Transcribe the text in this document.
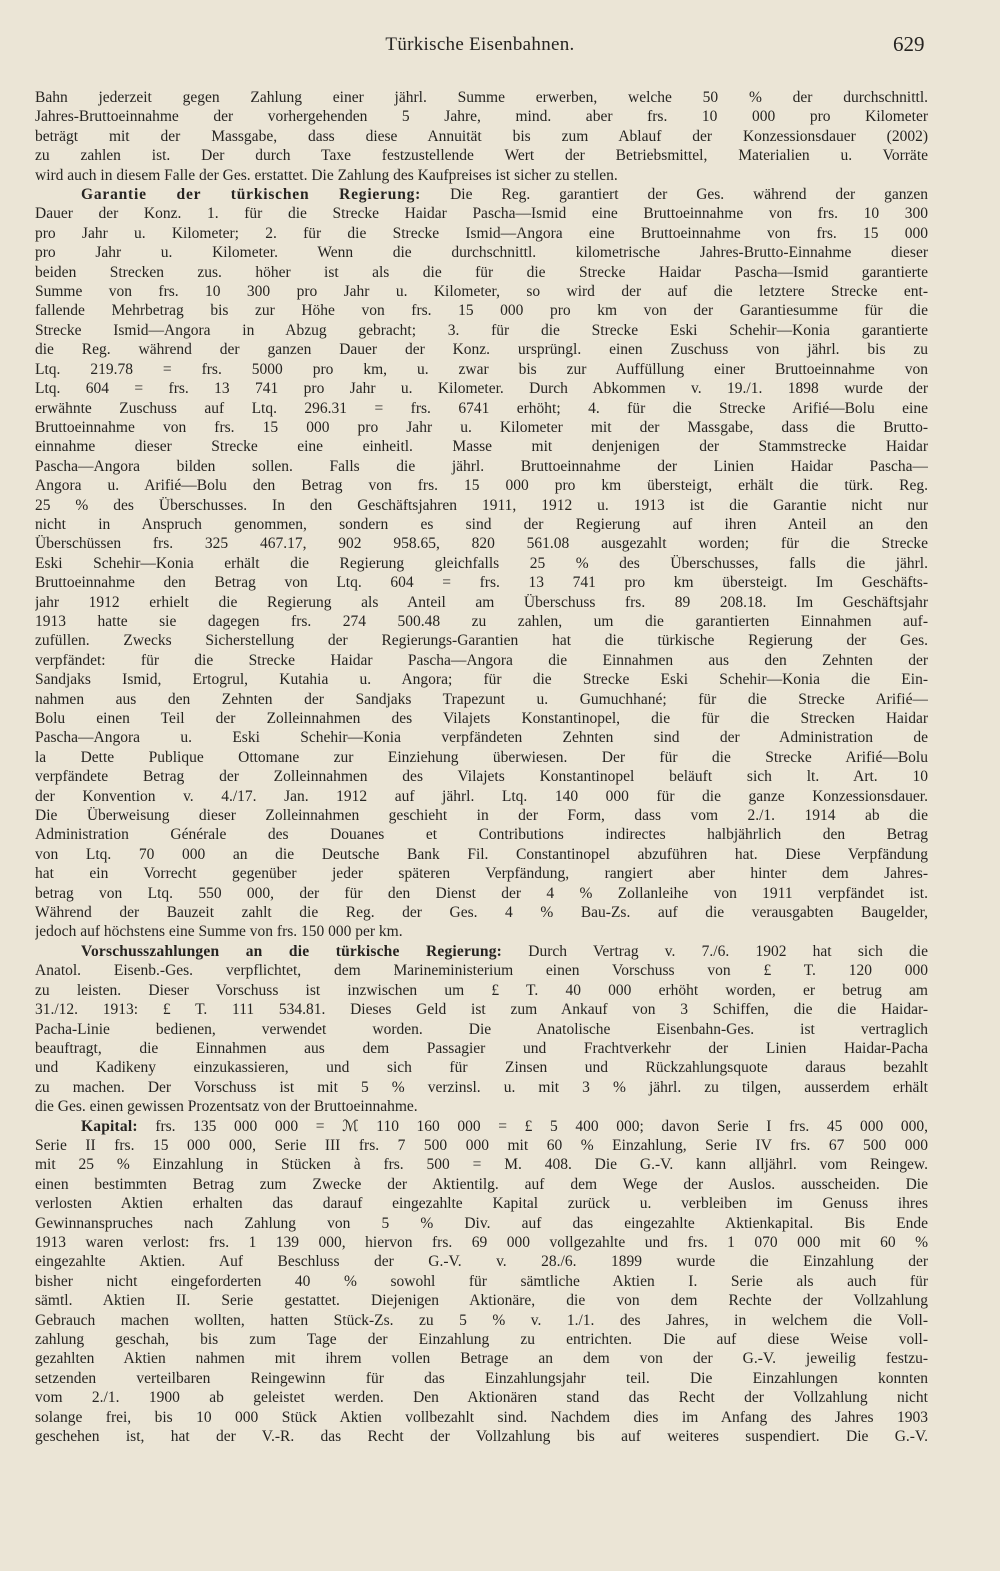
Türkische Eisenbahnen.	629

Bahn jederzeit gegen Zahlung einer jährl. Summe erwerben, welche 50 % der durchschnittl.
Jahres-Bruttoeinnahme der vorhergehenden 5 Jahre, mind. aber frs. 10 000 pro Kilometer
beträgt mit der Massgabe, dass diese Annuität bis zum Ablauf der Konzessionsdauer (2002)
zu zahlen ist. Der durch Taxe festzustellende Wert der Betriebsmittel, Materialien u. Vorräte
wird auch in diesem Falle der Ges. erstattet. Die Zahlung des Kaufpreises ist sicher zu stellen.

Garantie der türkischen Regierung: Die Reg. garantiert der Ges. während der ganzen
Dauer der Konz. 1. für die Strecke Haidar Pascha—Ismid eine Bruttoeinnahme von frs. 10 300
pro Jahr u. Kilometer; 2. für die Strecke Ismid—Angora eine Bruttoeinnahme von frs. 15 000
pro Jahr u. Kilometer. Wenn die durchschnittl. kilometrische Jahres-Brutto-Einnahme dieser
beiden Strecken zus. höher ist als die für die Strecke Haidar Pascha—Ismid garantierte
Summe von frs. 10 300 pro Jahr u. Kilometer, so wird der auf die letztere Strecke ent-
fallende Mehrbetrag bis zur Höhe von frs. 15 000 pro km von der Garantiesumme für die
Strecke Ismid—Angora in Abzug gebracht; 3. für die Strecke Eski Schehir—Konia garantierte
die Reg. während der ganzen Dauer der Konz. ursprüngl. einen Zuschuss von jährl. bis zu
Ltq. 219.78 = frs. 5000 pro km, u. zwar bis zur Auffüllung einer Bruttoeinnahme von
Ltq. 604 = frs. 13 741 pro Jahr u. Kilometer. Durch Abkommen v. 19./1. 1898 wurde der
erwähnte Zuschuss auf Ltq. 296.31 = frs. 6741 erhöht; 4. für die Strecke Arifié—Bolu eine
Bruttoeinnahme von frs. 15 000 pro Jahr u. Kilometer mit der Massgabe, dass die Brutto-
einnahme dieser Strecke eine einheitl. Masse mit denjenigen der Stammstrecke Haidar
Pascha—Angora bilden sollen. Falls die jährl. Bruttoeinnahme der Linien Haidar Pascha—
Angora u. Arifié—Bolu den Betrag von frs. 15 000 pro km übersteigt, erhält die türk. Reg.
25 % des Überschusses. In den Geschäftsjahren 1911, 1912 u. 1913 ist die Garantie nicht nur
nicht in Anspruch genommen, sondern es sind der Regierung auf ihren Anteil an den
Überschüssen frs. 325 467.17, 902 958.65, 820 561.08 ausgezahlt worden; für die Strecke
Eski Schehir—Konia erhält die Regierung gleichfalls 25 % des Überschusses, falls die jährl.
Bruttoeinnahme den Betrag von Ltq. 604 = frs. 13 741 pro km übersteigt. Im Geschäfts-
jahr 1912 erhielt die Regierung als Anteil am Überschuss frs. 89 208.18. Im Geschäftsjahr
1913 hatte sie dagegen frs. 274 500.48 zu zahlen, um die garantierten Einnahmen auf-
zufüllen. Zwecks Sicherstellung der Regierungs-Garantien hat die türkische Regierung der Ges.
verpfändet: für die Strecke Haidar Pascha—Angora die Einnahmen aus den Zehnten der
Sandjaks Ismid, Ertogrul, Kutahia u. Angora; für die Strecke Eski Schehir—Konia die Ein-
nahmen aus den Zehnten der Sandjaks Trapezunt u. Gumuchhané; für die Strecke Arifié—
Bolu einen Teil der Zolleinnahmen des Vilajets Konstantinopel, die für die Strecken Haidar
Pascha—Angora u. Eski Schehir—Konia verpfändeten Zehnten sind der Administration de
la Dette Publique Ottomane zur Einziehung überwiesen. Der für die Strecke Arifié—Bolu
verpfändete Betrag der Zolleinnahmen des Vilajets Konstantinopel beläuft sich lt. Art. 10
der Konvention v. 4./17. Jan. 1912 auf jährl. Ltq. 140 000 für die ganze Konzessionsdauer.
Die Überweisung dieser Zolleinnahmen geschieht in der Form, dass vom 2./1. 1914 ab die
Administration Générale des Douanes et Contributions indirectes halbjährlich den Betrag
von Ltq. 70 000 an die Deutsche Bank Fil. Constantinopel abzuführen hat. Diese Verpfändung
hat ein Vorrecht gegenüber jeder späteren Verpfändung, rangiert aber hinter dem Jahres-
betrag von Ltq. 550 000, der für den Dienst der 4 % Zollanleihe von 1911 verpfändet ist.
Während der Bauzeit zahlt die Reg. der Ges. 4 % Bau-Zs. auf die verausgabten Baugelder,
jedoch auf höchstens eine Summe von frs. 150 000 per km.

Vorschusszahlungen an die türkische Regierung: Durch Vertrag v. 7./6. 1902 hat sich die
Anatol. Eisenb.-Ges. verpflichtet, dem Marineministerium einen Vorschuss von £ T. 120 000
zu leisten. Dieser Vorschuss ist inzwischen um £ T. 40 000 erhöht worden, er betrug am
31./12. 1913: £ T. 111 534.81. Dieses Geld ist zum Ankauf von 3 Schiffen, die die Haidar-
Pacha-Linie bedienen, verwendet worden. Die Anatolische Eisenbahn-Ges. ist vertraglich
beauftragt, die Einnahmen aus dem Passagier und Frachtverkehr der Linien Haidar-Pacha
und Kadikeny einzukassieren, und sich für Zinsen und Rückzahlungsquote daraus bezahlt
zu machen. Der Vorschuss ist mit 5 % verzinsl. u. mit 3 % jährl. zu tilgen, ausserdem erhält
die Ges. einen gewissen Prozentsatz von der Bruttoeinnahme.

Kapital: frs. 135 000 000 = ℳ 110 160 000 = £ 5 400 000; davon Serie I frs. 45 000 000,
Serie II frs. 15 000 000, Serie III frs. 7 500 000 mit 60 % Einzahlung, Serie IV frs. 67 500 000
mit 25 % Einzahlung in Stücken à frs. 500 = M. 408. Die G.-V. kann alljährl. vom Reingew.
einen bestimmten Betrag zum Zwecke der Aktientilg. auf dem Wege der Auslos. ausscheiden. Die
verlosten Aktien erhalten das darauf eingezahlte Kapital zurück u. verbleiben im Genuss ihres
Gewinnanspruches nach Zahlung von 5 % Div. auf das eingezahlte Aktienkapital. Bis Ende
1913 waren verlost: frs. 1 139 000, hiervon frs. 69 000 vollgezahlte und frs. 1 070 000 mit 60 %
eingezahlte Aktien. Auf Beschluss der G.-V. v. 28./6. 1899 wurde die Einzahlung der
bisher nicht eingeforderten 40 % sowohl für sämtliche Aktien I. Serie als auch für
sämtl. Aktien II. Serie gestattet. Diejenigen Aktionäre, die von dem Rechte der Vollzahlung
Gebrauch machen wollten, hatten Stück-Zs. zu 5 % v. 1./1. des Jahres, in welchem die Voll-
zahlung geschah, bis zum Tage der Einzahlung zu entrichten. Die auf diese Weise voll-
gezahlten Aktien nahmen mit ihrem vollen Betrage an dem von der G.-V. jeweilig festzu-
setzenden verteilbaren Reingewinn für das Einzahlungsjahr teil. Die Einzahlungen konnten
vom 2./1. 1900 ab geleistet werden. Den Aktionären stand das Recht der Vollzahlung nicht
solange frei, bis 10 000 Stück Aktien vollbezahlt sind. Nachdem dies im Anfang des Jahres 1903
geschehen ist, hat der V.-R. das Recht der Vollzahlung bis auf weiteres suspendiert. Die G.-V.
